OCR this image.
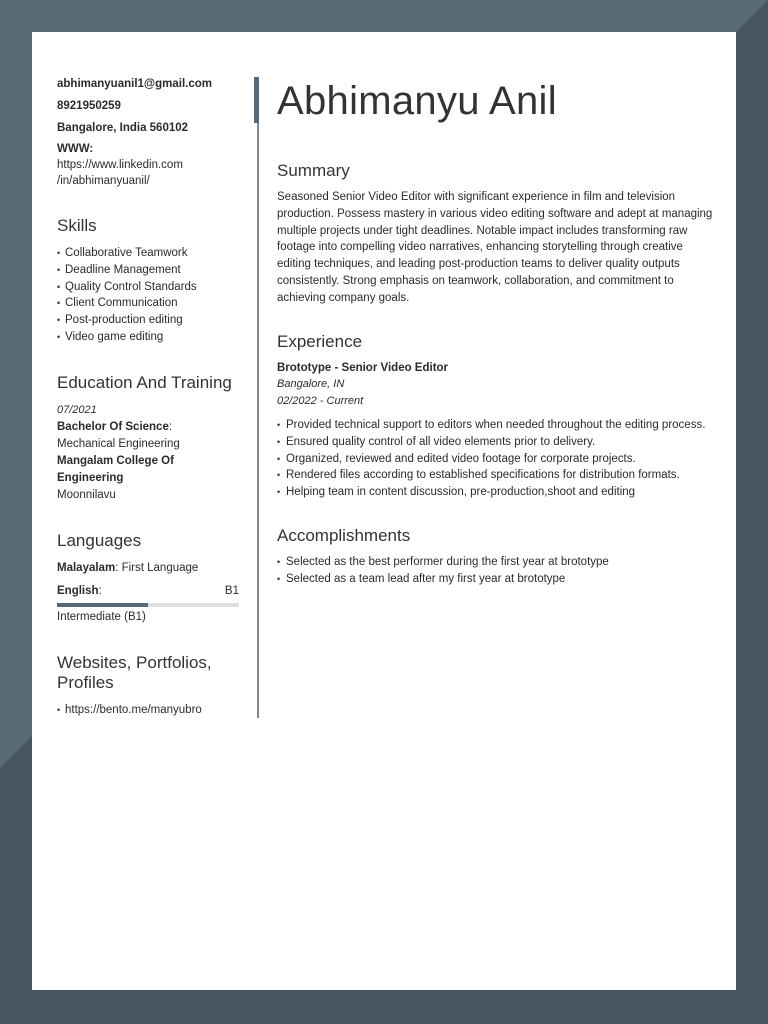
abhimanyuanil1@gmail.com
8921950259
Bangalore, India 560102
WWW:
https://www.linkedin.com
/in/abhimanyuanil/
Skills
• Collaborative Teamwork
• Deadline Management
• Quality Control Standards
• Client Communication
• Post-production editing
• Video game editing
Education And Training
07/2021
Bachelor Of Science:
Mechanical Engineering
Mangalam College Of
Engineering
Moonnilavu
Languages
Malayalam: First Language
English:	B1
Intermediate (B1)
Websites, Portfolios,
Profiles
• https://bento.me/manyubro
Abhimanyu Anil
Summary

Seasoned Senior Video Editor with significant experience in film and television production. Possess mastery in various video editing software and adept at managing multiple projects under tight deadlines. Notable impact includes transforming raw footage into compelling video narratives, enhancing storytelling through creative editing techniques, and leading post-production teams to deliver quality outputs consistently. Strong emphasis on teamwork, collaboration, and commitment to achieving company goals.

Experience
Brototype - Senior Video Editor
Bangalore, IN
02/2022 - Current
• Provided technical support to editors when needed throughout the editing process.
• Ensured quality control of all video elements prior to delivery.
• Organized, reviewed and edited video footage for corporate projects.
• Rendered files according to established specifications for distribution formats.
• Helping team in content discussion, pre-production,shoot and editing
Accomplishments
• Selected as the best performer during the first year at brototype
• Selected as a team lead after my first year at brototype
